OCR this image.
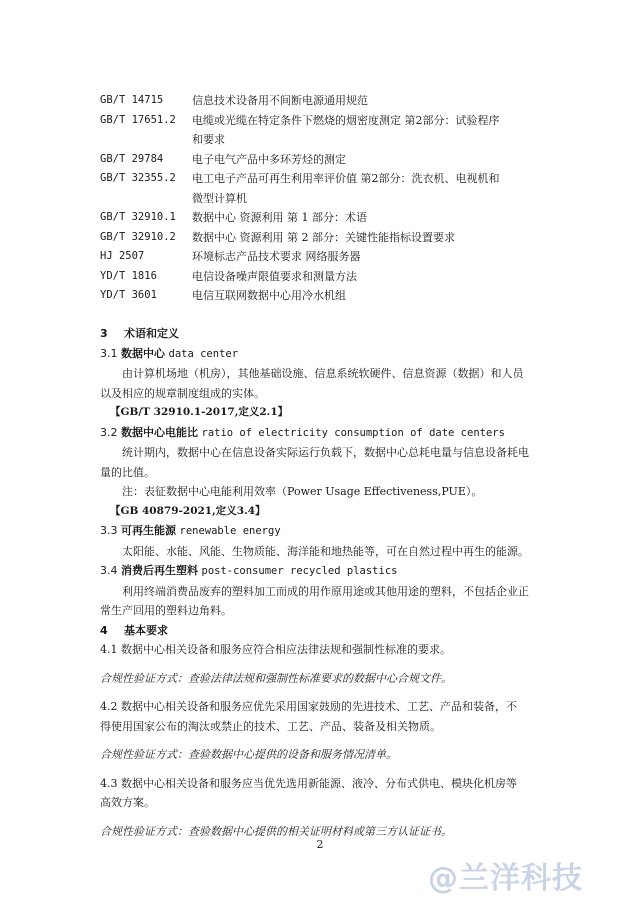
GB/T 14715	信息技术设备用不间断电源通用规范
GB/T 17651.2	电缆或光缆在特定条件下燃烧的烟密度测定 第2部分：试验程序
和要求
GB/T 29784	电子电气产品中多环芳烃的测定
GB/T 32355.2	电工电子产品可再生利用率评价值 第2部分：洗衣机、电视机和
微型计算机
GB/T 32910.1	数据中心 资源利用 第 1 部分：术语
GB/T 32910.2	数据中心 资源利用 第 2 部分：关键性能指标设置要求
HJ 2507	环境标志产品技术要求 网络服务器
YD/T 1816	电信设备噪声限值要求和测量方法
YD/T 3601	电信互联网数据中心用冷水机组
3 术语和定义
3.1 数据中心 data center
由计算机场地（机房），其他基础设施、信息系统软硬件、信息资源（数据）和人员
以及相应的规章制度组成的实体。
【GB/T 32910.1-2017,定义2.1】
3.2 数据中心电能比 ratio of electricity consumption of date centers
统计期内，数据中心在信息设备实际运行负载下，数据中心总耗电量与信息设备耗电
量的比值。
注：表征数据中心电能利用效率（Power Usage Effectiveness,PUE）。
【GB 40879-2021,定义3.4】
3.3 可再生能源 renewable energy
太阳能、水能、风能、生物质能、海洋能和地热能等，可在自然过程中再生的能源。
3.4 消费后再生塑料 post-consumer recycled plastics
利用终端消费品废弃的塑料加工而成的用作原用途或其他用途的塑料，不包括企业正
常生产回用的塑料边角料。
4 基本要求
4.1 数据中心相关设备和服务应符合相应法律法规和强制性标准的要求。
合规性验证方式：查验法律法规和强制性标准要求的数据中心合规文件。
4.2 数据中心相关设备和服务应优先采用国家鼓励的先进技术、工艺、产品和装备，不
得使用国家公布的淘汰或禁止的技术、工艺、产品、装备及相关物质。
合规性验证方式：查验数据中心提供的设备和服务情况清单。
4.3 数据中心相关设备和服务应当优先选用新能源、液冷、分布式供电、模块化机房等
高效方案。
合规性验证方式：查验数据中心提供的相关证明材料或第三方认证证书。
2
@兰洋科技
